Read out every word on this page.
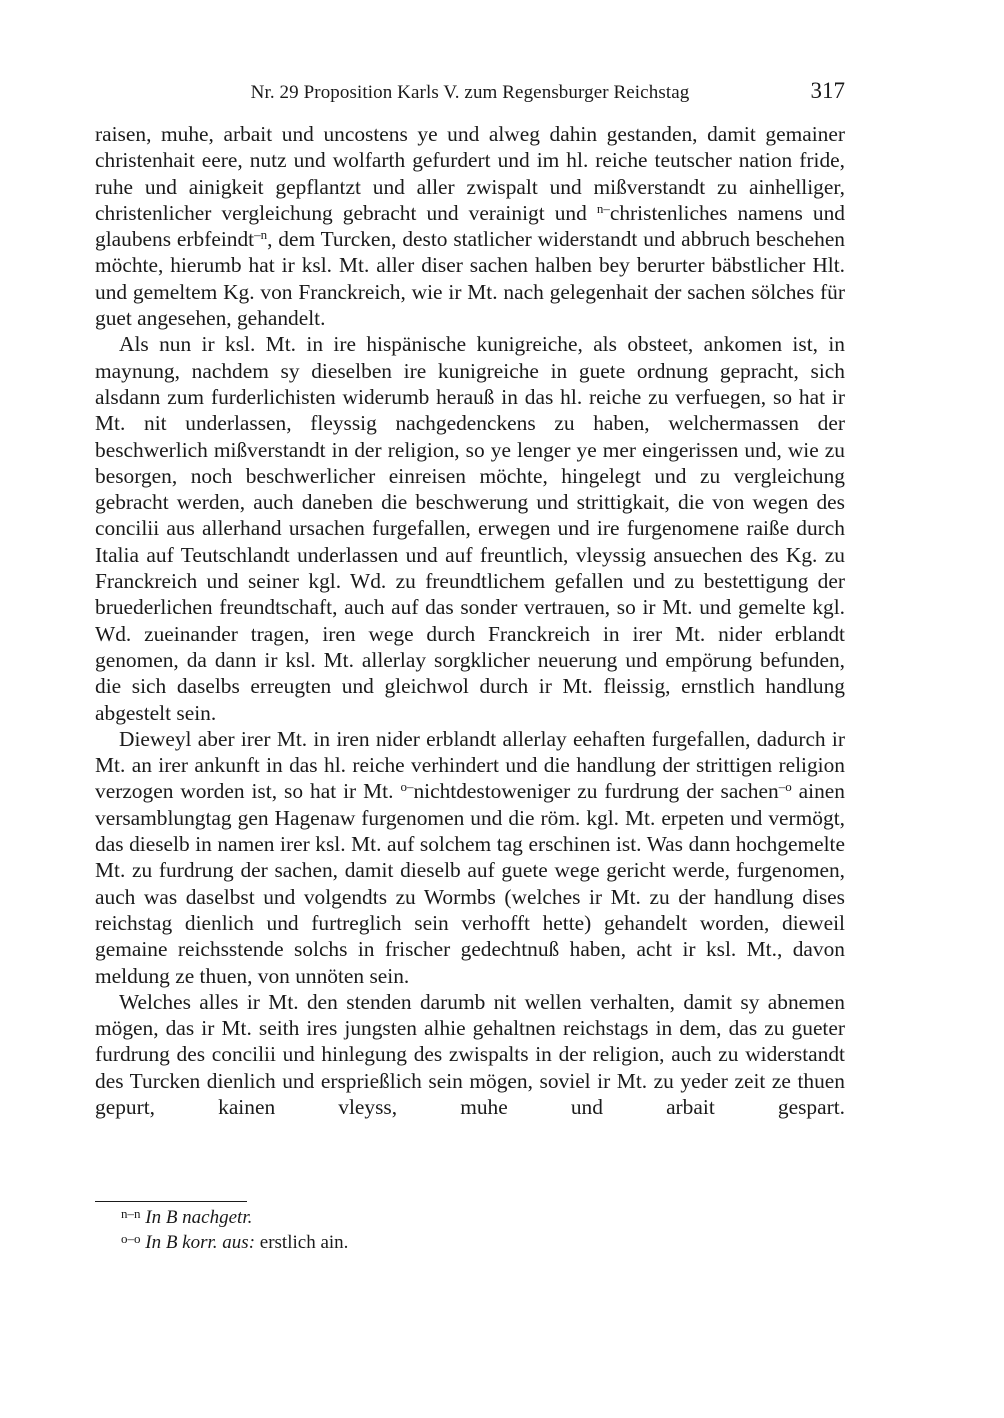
Nr. 29 Proposition Karls V. zum Regensburger Reichstag	317

raisen, muhe, arbait und uncostens ye und alweg dahin gestanden, damit gemainer christenhait eere, nutz und wolfarth gefurdert und im hl. reiche teutscher nation fride, ruhe und ainigkeit gepflantzt und aller zwispalt und mißverstandt zu ainhelliger, christenlicher vergleichung gebracht und verainigt und $^{n-}$christenliches namens und glaubens erbfeindt$^{-n}$, dem Turcken, desto statlicher widerstandt und abbruch beschehen möchte, hierumb hat ir ksl. Mt. aller diser sachen halben bey berurter bäbstlicher Hlt. und gemeltem Kg. von Franckreich, wie ir Mt. nach gelegenhait der sachen sölches für guet angesehen, gehandelt.

Als nun ir ksl. Mt. in ire hispänische kunigreiche, als obsteet, ankomen ist, in maynung, nachdem sy dieselben ire kunigreiche in guete ordnung gepracht, sich alsdann zum furderlichisten widerumb herauß in das hl. reiche zu verfuegen, so hat ir Mt. nit underlassen, fleyssig nachgedenckens zu haben, welchermassen der beschwerlich mißverstandt in der religion, so ye lenger ye mer eingerissen und, wie zu besorgen, noch beschwerlicher einreisen möchte, hingelegt und zu vergleichung gebracht werden, auch daneben die beschwerung und strittigkait, die von wegen des concilii aus allerhand ursachen furgefallen, erwegen und ire furgenomene raiße durch Italia auf Teutschlandt underlassen und auf freuntlich, vleyssig ansuechen des Kg. zu Franckreich und seiner kgl. Wd. zu freundtlichem gefallen und zu bestettigung der bruederlichen freundtschaft, auch auf das sonder vertrauen, so ir Mt. und gemelte kgl. Wd. zueinander tragen, iren wege durch Franckreich in irer Mt. nider erblandt genomen, da dann ir ksl. Mt. allerlay sorgklicher neuerung und empörung befunden, die sich daselbs erreugten und gleichwol durch ir Mt. fleissig, ernstlich handlung abgestelt sein.

Dieweyl aber irer Mt. in iren nider erblandt allerlay eehaften furgefallen, dadurch ir Mt. an irer ankunft in das hl. reiche verhindert und die handlung der strittigen religion verzogen worden ist, so hat ir Mt. $^{o-}$nichtdestoweniger zu furdrung der sachen$^{-o}$ ainen versamblungtag gen Hagenaw furgenomen und die röm. kgl. Mt. erpeten und vermögt, das dieselb in namen irer ksl. Mt. auf solchem tag erschinen ist. Was dann hochgemelte Mt. zu furdrung der sachen, damit dieselb auf guete wege gericht werde, furgenomen, auch was daselbst und volgendts zu Wormbs (welches ir Mt. zu der handlung dises reichstag dienlich und furtreglich sein verhofft hette) gehandelt worden, dieweil gemaine reichsstende solchs in frischer gedechtnuß haben, acht ir ksl. Mt., davon meldung ze thuen, von unnöten sein.

Welches alles ir Mt. den stenden darumb nit wellen verhalten, damit sy abnemen mögen, das ir Mt. seith ires jungsten alhie gehaltnen reichstags in dem, das zu gueter furdrung des concilii und hinlegung des zwispalts in der religion, auch zu widerstandt des Turcken dienlich und ersprießlich sein mögen, soviel ir Mt. zu yeder zeit ze thuen gepurt, kainen vleyss, muhe und arbait gespart.

$^{n-n}$ In B nachgetr.

$^{o-o}$ In B korr. aus: erstlich ain.
